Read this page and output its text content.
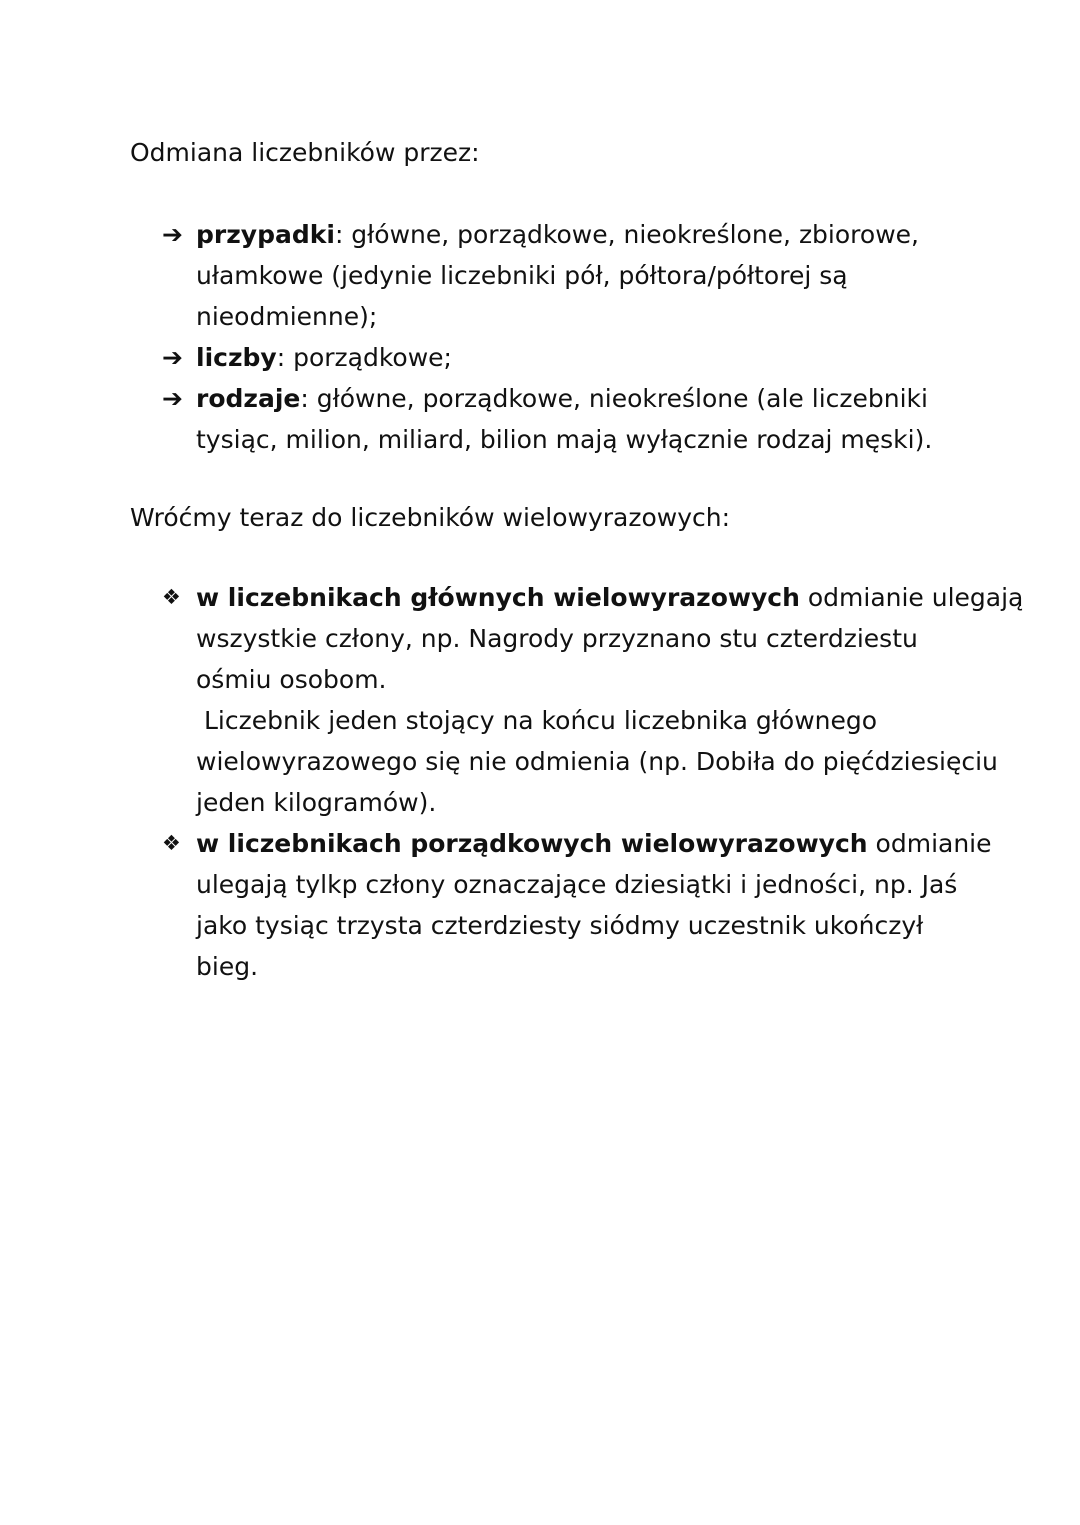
Odmiana liczebników przez:

➔ przypadki: główne, porządkowe, nieokreślone, zbiorowe,
ułamkowe (jedynie liczebniki pół, półtora/półtorej są
nieodmienne);
➔ liczby: porządkowe;
➔ rodzaje: główne, porządkowe, nieokreślone (ale liczebniki
tysiąc, milion, miliard, bilion mają wyłącznie rodzaj męski).

Wróćmy teraz do liczebników wielowyrazowych:

❖ w liczebnikach głównych wielowyrazowych odmianie ulegają
wszystkie człony, np. Nagrody przyznano stu czterdziestu
ośmiu osobom.
Liczebnik jeden stojący na końcu liczebnika głównego
wielowyrazowego się nie odmienia (np. Dobiła do pięćdziesięciu
jeden kilogramów).
❖ w liczebnikach porządkowych wielowyrazowych odmianie
ulegają tylkp człony oznaczające dziesiątki i jedności, np. Jaś
jako tysiąc trzysta czterdziesty siódmy uczestnik ukończył
bieg.
